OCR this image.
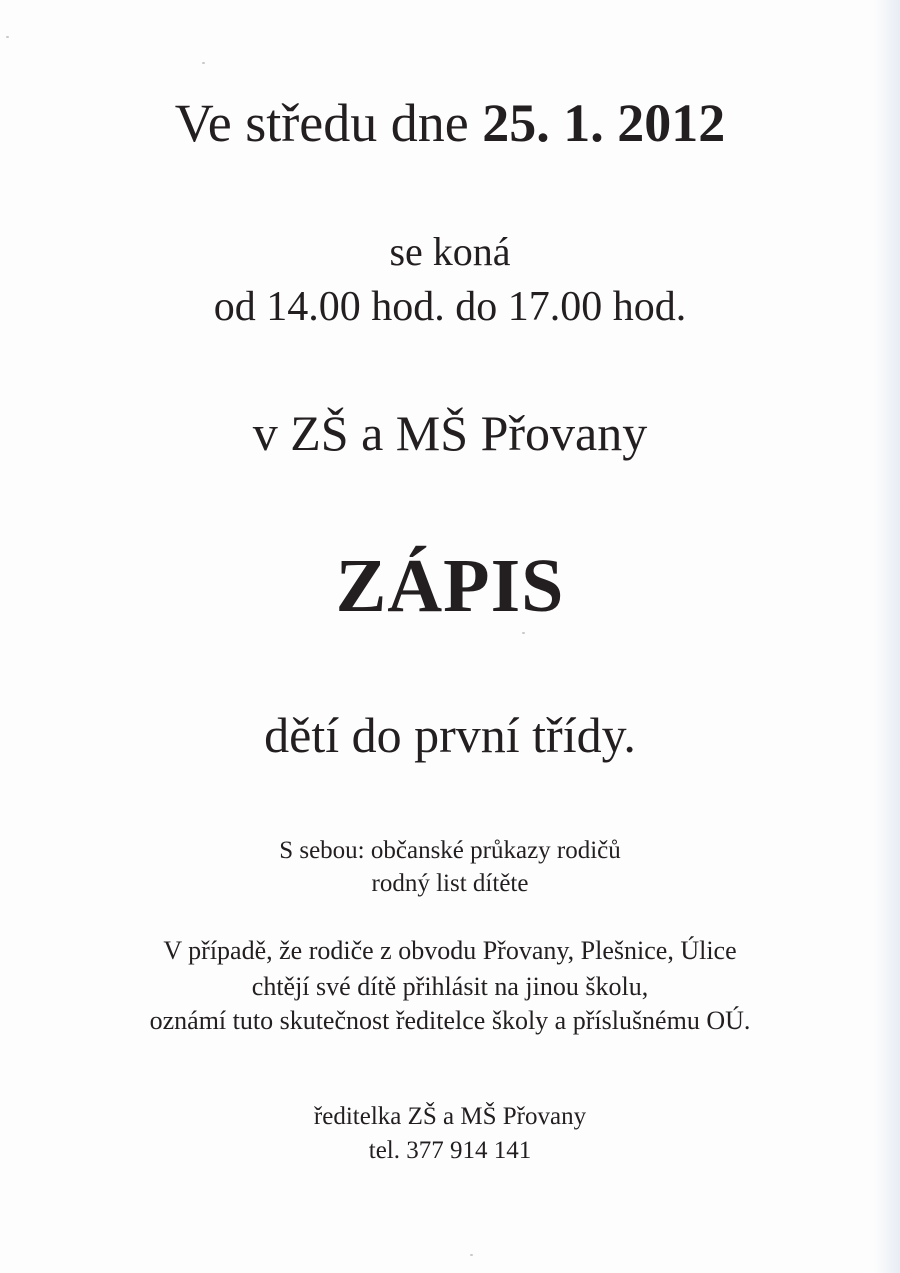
Ve středu dne 25. 1. 2012
se koná
od 14.00 hod. do 17.00 hod.
v ZŠ a MŠ Přovany
ZÁPIS
dětí do první třídy.
S sebou: občanské průkazy rodičů
rodný list dítěte
V případě, že rodiče z obvodu Přovany, Plešnice, Úlice
chtějí své dítě přihlásit na jinou školu,
oznámí tuto skutečnost ředitelce školy a příslušnému OÚ.
ředitelka ZŠ a MŠ Přovany
tel. 377 914 141
